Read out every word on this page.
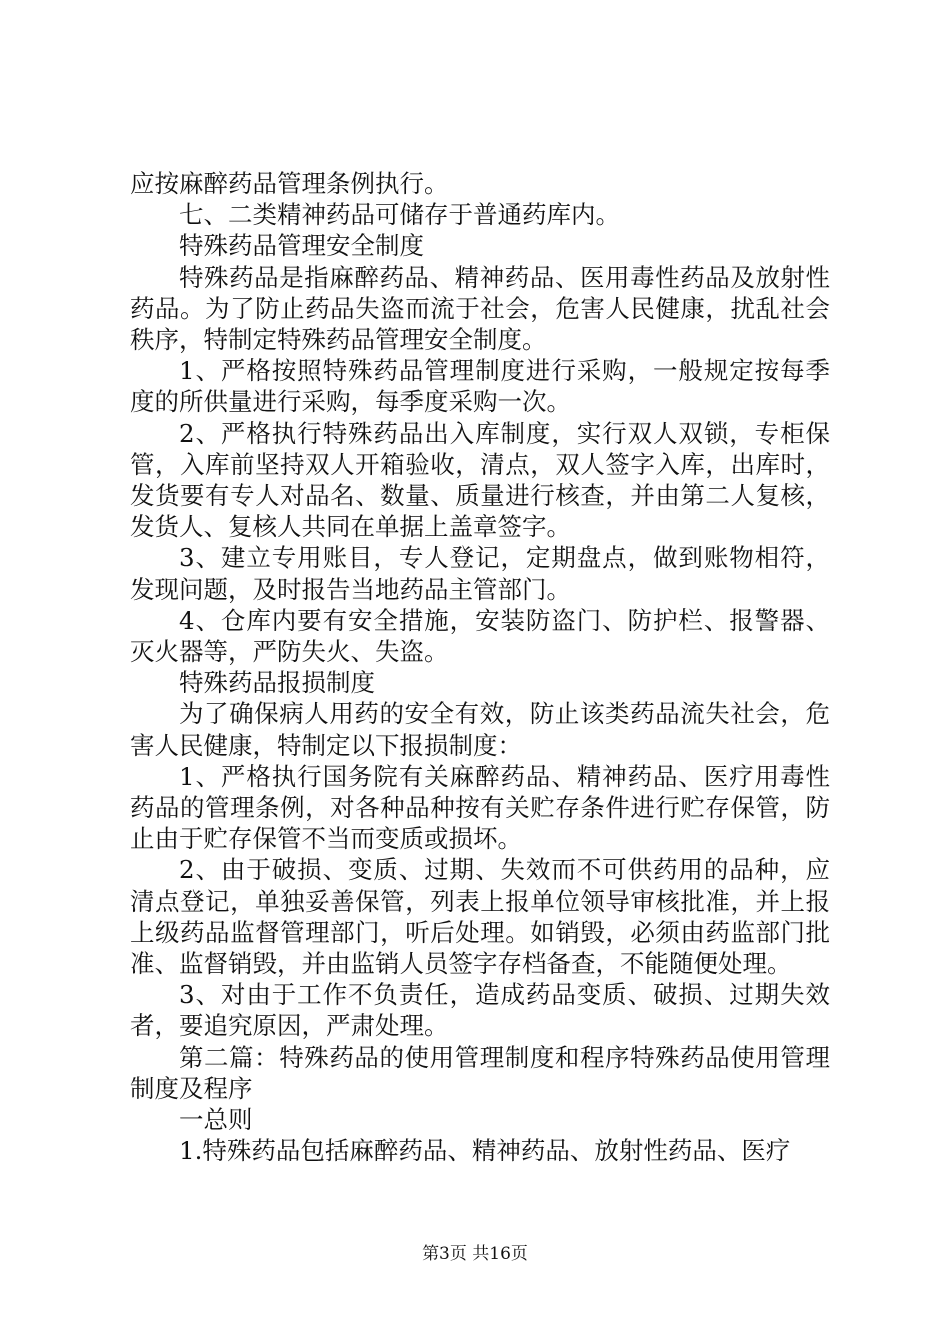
应按麻醉药品管理条例执行。

七、二类精神药品可储存于普通药库内。

特殊药品管理安全制度

特殊药品是指麻醉药品、精神药品、医用毒性药品及放射性药品。为了防止药品失盗而流于社会，危害人民健康，扰乱社会秩序，特制定特殊药品管理安全制度。

1、严格按照特殊药品管理制度进行采购，一般规定按每季度的所供量进行采购，每季度采购一次。

2、严格执行特殊药品出入库制度，实行双人双锁，专柜保管，入库前坚持双人开箱验收，清点，双人签字入库，出库时，发货要有专人对品名、数量、质量进行核查，并由第二人复核，发货人、复核人共同在单据上盖章签字。

3、建立专用账目，专人登记，定期盘点，做到账物相符，发现问题，及时报告当地药品主管部门。

4、仓库内要有安全措施，安装防盗门、防护栏、报警器、灭火器等，严防失火、失盗。

特殊药品报损制度

为了确保病人用药的安全有效，防止该类药品流失社会，危害人民健康，特制定以下报损制度：

1、严格执行国务院有关麻醉药品、精神药品、医疗用毒性药品的管理条例，对各种品种按有关贮存条件进行贮存保管，防止由于贮存保管不当而变质或损坏。

2、由于破损、变质、过期、失效而不可供药用的品种，应清点登记，单独妥善保管，列表上报单位领导审核批准，并上报上级药品监督管理部门，听后处理。如销毁，必须由药监部门批准、监督销毁，并由监销人员签字存档备查，不能随便处理。

3、对由于工作不负责任，造成药品变质、破损、过期失效者，要追究原因，严肃处理。

第二篇：特殊药品的使用管理制度和程序特殊药品使用管理制度及程序

一总则

1.特殊药品包括麻醉药品、精神药品、放射性药品、医疗

第3页 共16页
